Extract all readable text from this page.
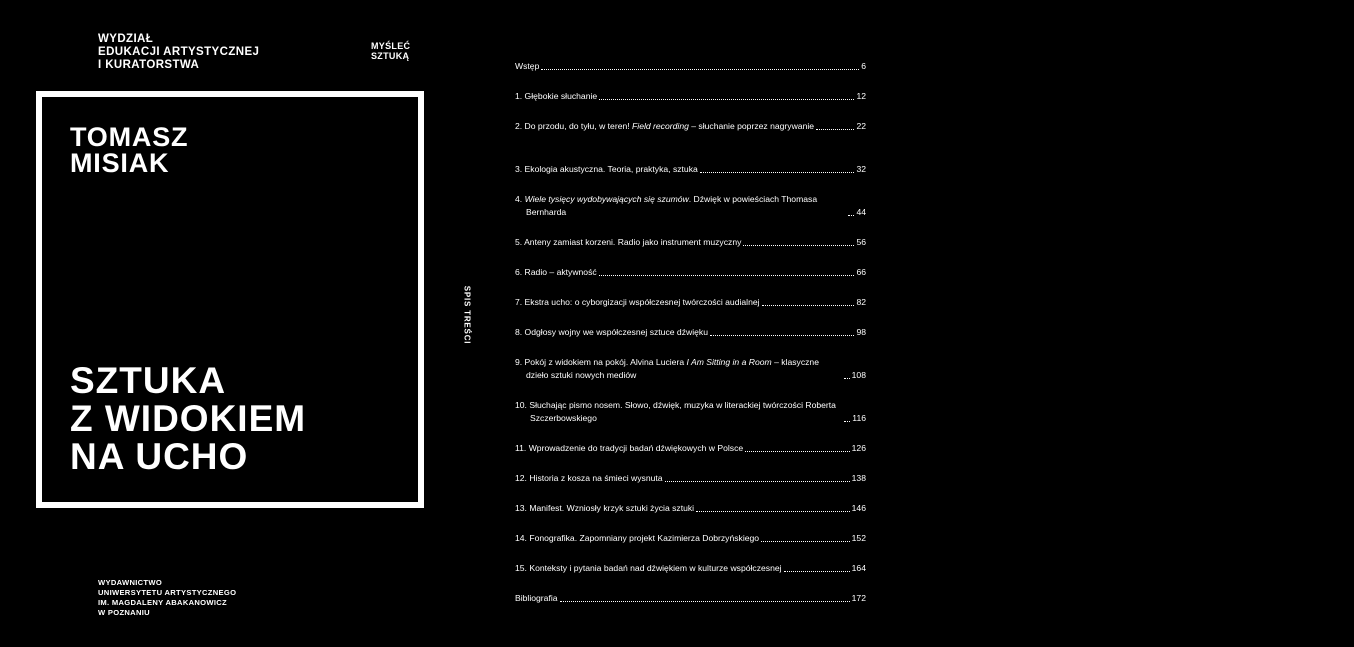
WYDZIAŁ
EDUKACJI ARTYSTYCZNEJ
I KURATORSTWA
MYŚLEĆ
SZTUKĄ
TOMASZ
MISIAK
SZTUKA
Z WIDOKIEM
NA UCHO
WYDAWNICTWO
UNIWERSYTETU ARTYSTYCZNEGO
IM. MAGDALENY ABAKANOWICZ
W POZNANIU
SPIS TREŚCI
Wstęp	6
1. Głębokie słuchanie	12
2. Do przodu, do tyłu, w teren! Field recording – słuchanie poprzez nagrywanie	22
3. Ekologia akustyczna. Teoria, praktyka, sztuka	32
4. Wiele tysięcy wydobywających się szumów. Dźwięk w powieściach Thomasa Bernharda	44
5. Anteny zamiast korzeni. Radio jako instrument muzyczny	56
6. Radio – aktywność	66
7. Ekstra ucho: o cyborgizacji współczesnej twórczości audialnej	82
8. Odgłosy wojny we współczesnej sztuce dźwięku	98
9. Pokój z widokiem na pokój. Alvina Luciera I Am Sitting in a Room – klasyczne dzieło sztuki nowych mediów	108
10. Słuchając pismo nosem. Słowo, dźwięk, muzyka w literackiej twórczości Roberta Szczerbowskiego	116
11. Wprowadzenie do tradycji badań dźwiękowych w Polsce	126
12. Historia z kosza na śmieci wysnuta	138
13. Manifest. Wzniosły krzyk sztuki życia sztuki	146
14. Fonografika. Zapomniany projekt Kazimierza Dobrzyńskiego	152
15. Konteksty i pytania badań nad dźwiękiem w kulturze współczesnej	164
Bibliografia	172
